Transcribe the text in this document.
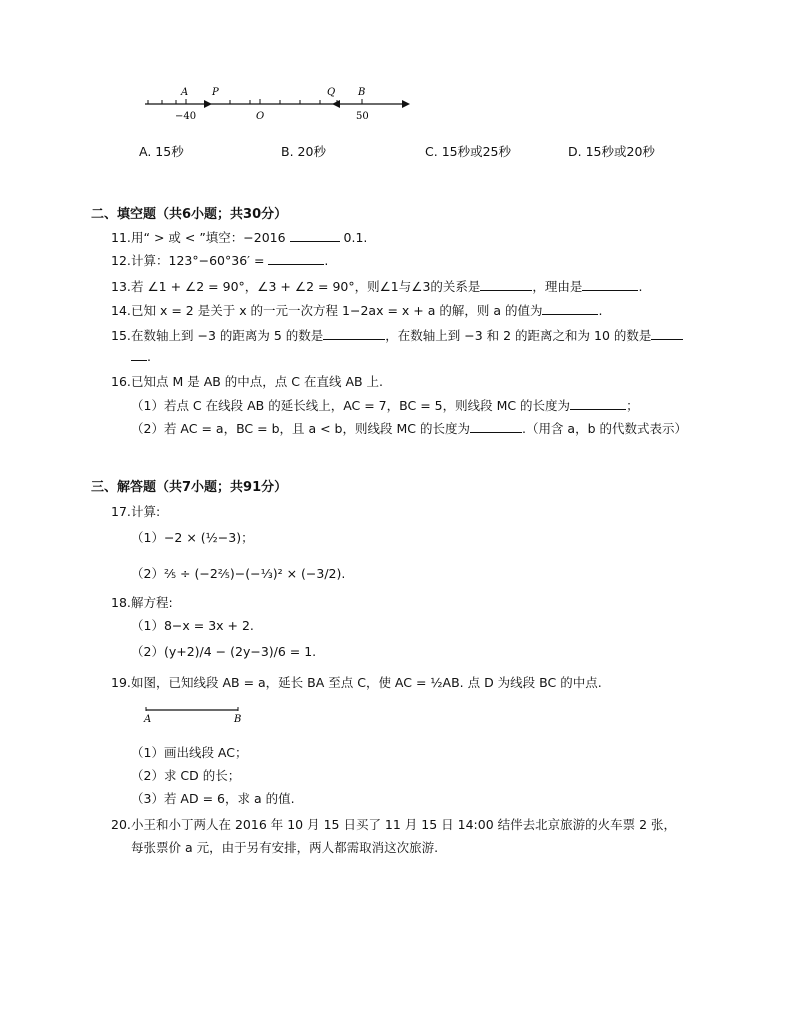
A P	Q B
−40	O	50
A. 15秒	B. 20秒	C. 15秒或25秒	D. 15秒或20秒
二、填空题（共6小题；共30分）
11.用“ > 或 < ”填空：−2016	0.1.
12.计算：123°−60°36′ =	.
13.若 ∠1 + ∠2 = 90°，∠3 + ∠2 = 90°，则∠1与∠3的关系是	，理由是	.
14.已知 x = 2 是关于 x 的一元一次方程 1−2ax = x + a 的解，则 a 的值为	.
15.在数轴上到 −3 的距离为 5 的数是	，在数轴上到 −3 和 2 的距离之和为 10 的数是
.
16.已知点 M 是 AB 的中点，点 C 在直线 AB 上.
（1）若点 C 在线段 AB 的延长线上，AC = 7，BC = 5，则线段 MC 的长度为	；
（2）若 AC = a，BC = b，且 a < b，则线段 MC 的长度为	.（用含 a，b 的代数式表示）
三、解答题（共7小题；共91分）
17.计算:
（1）−2 × (½−3)；
（2）⅖ ÷ (−2⅖)−(−⅓)² × (−3/2).
18.解方程:
（1）8−x = 3x + 2.
（2）(y+2)/4 − (2y−3)/6 = 1.
19.如图，已知线段 AB = a，延长 BA 至点 C，使 AC = ½AB. 点 D 为线段 BC 的中点.
A	B
（1）画出线段 AC；
（2）求 CD 的长；
（3）若 AD = 6，求 a 的值.
20.小王和小丁两人在 2016 年 10 月 15 日买了 11 月 15 日 14:00 结伴去北京旅游的火车票 2 张，
每张票价 a 元，由于另有安排，两人都需取消这次旅游.
